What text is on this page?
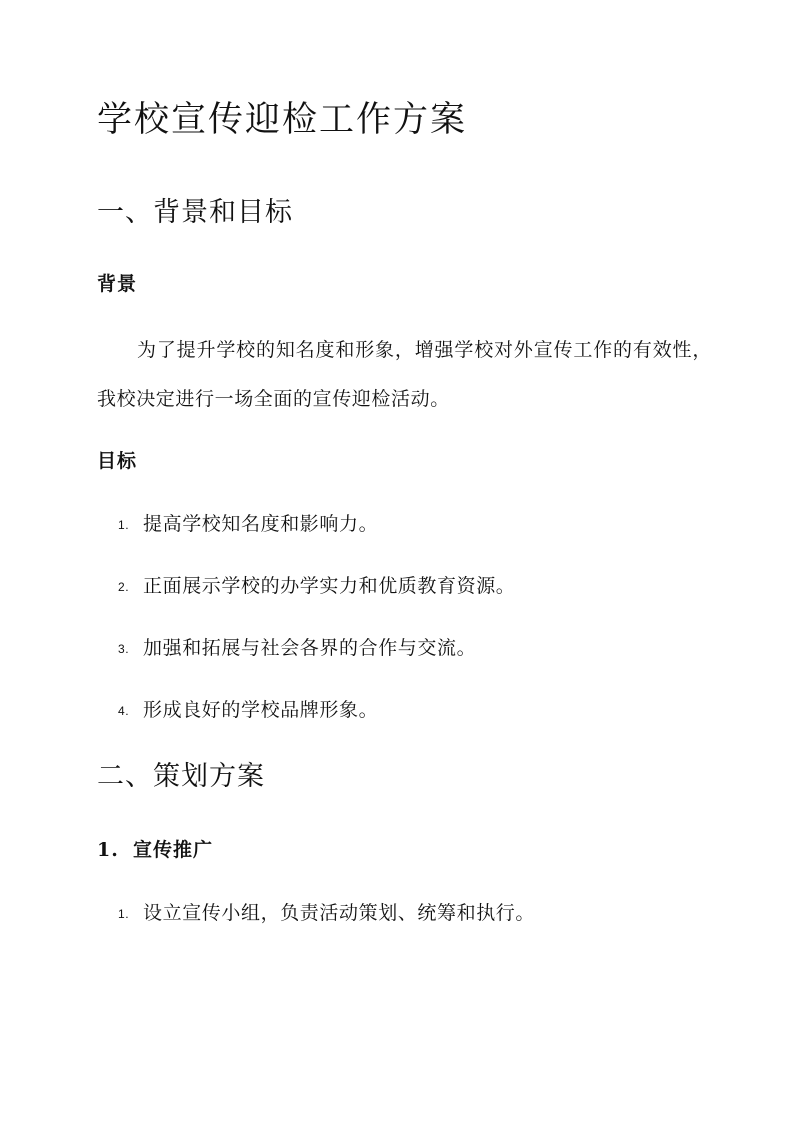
学校宣传迎检工作方案
一、背景和目标
背景

为了提升学校的知名度和形象，增强学校对外宣传工作的有效性，我校决定进行一场全面的宣传迎检活动。

目标

1. 提高学校知名度和影响力。

2. 正面展示学校的办学实力和优质教育资源。

3. 加强和拓展与社会各界的合作与交流。

4. 形成良好的学校品牌形象。

二、策划方案
1. 宣传推广

1. 设立宣传小组，负责活动策划、统筹和执行。
